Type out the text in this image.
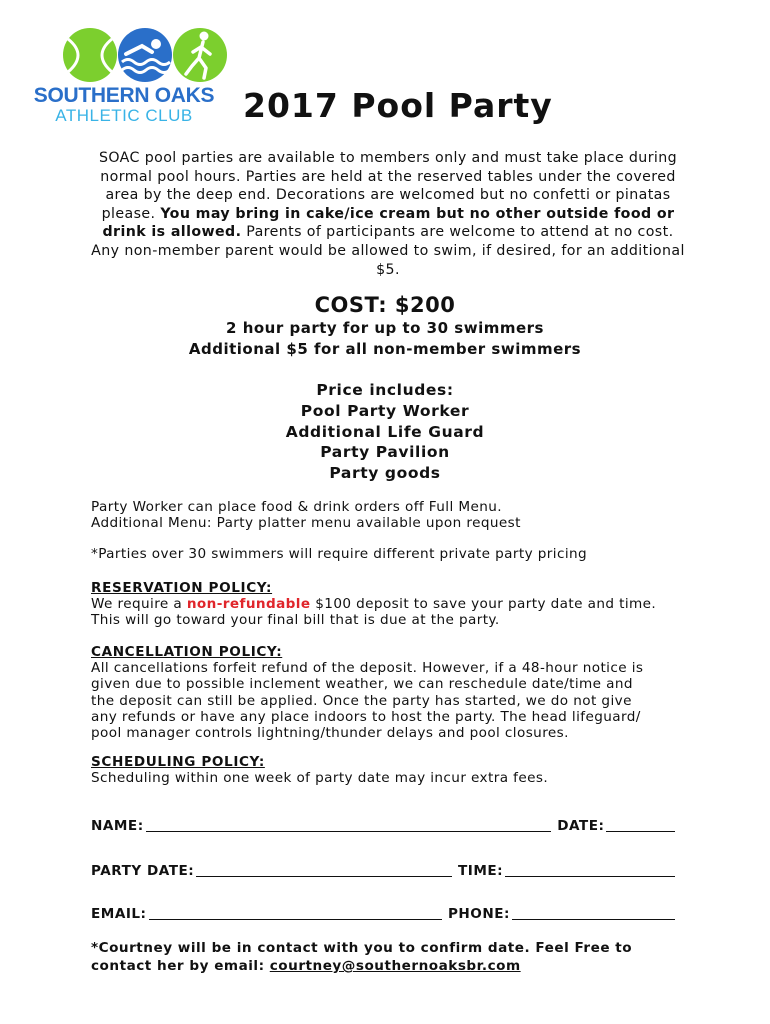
SOUTHERN OAKS
ATHLETIC CLUB	2017 Pool Party
SOAC pool parties are available to members only and must take place during normal pool hours. Parties are held at the reserved tables under the covered area by the deep end. Decorations are welcomed but no confetti or pinatas please. You may bring in cake/ice cream but no other outside food or drink is allowed. Parents of participants are welcome to attend at no cost. Any non-member parent would be allowed to swim, if desired, for an additional $5.
COST: $200
2 hour party for up to 30 swimmers
Additional $5 for all non-member swimmers
Price includes:
Pool Party Worker
Additional Life Guard
Party Pavilion
Party goods
Party Worker can place food & drink orders off Full Menu.
Additional Menu: Party platter menu available upon request
*Parties over 30 swimmers will require different private party pricing
RESERVATION POLICY:
We require a non-refundable $100 deposit to save your party date and time.
This will go toward your final bill that is due at the party.
CANCELLATION POLICY:
All cancellations forfeit refund of the deposit. However, if a 48-hour notice is
given due to possible inclement weather, we can reschedule date/time and
the deposit can still be applied. Once the party has started, we do not give
any refunds or have any place indoors to host the party. The head lifeguard/
pool manager controls lightning/thunder delays and pool closures.
SCHEDULING POLICY:
Scheduling within one week of party date may incur extra fees.
NAME:	DATE:
PARTY DATE:	TIME:
EMAIL:	PHONE:
*Courtney will be in contact with you to confirm date. Feel Free to contact her by email: courtney@southernoaksbr.com
